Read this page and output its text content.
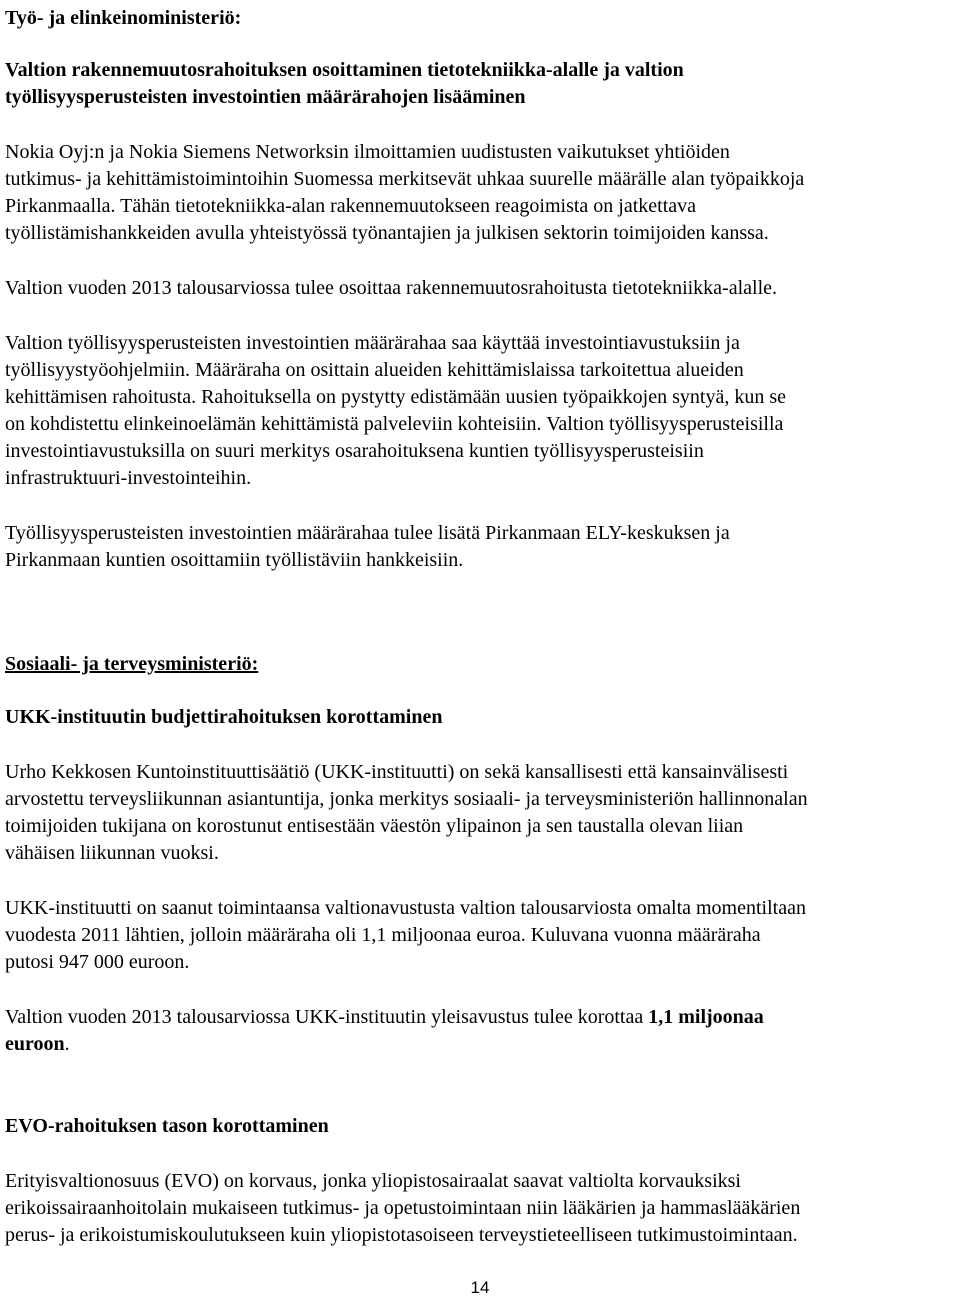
Työ- ja elinkeinoministeriö:
Valtion rakennemuutosrahoituksen osoittaminen tietotekniikka-alalle ja valtion
työllisyysperusteisten investointien määrärahojen lisääminen
Nokia Oyj:n ja Nokia Siemens Networksin ilmoittamien uudistusten vaikutukset yhtiöiden
tutkimus- ja kehittämistoimintoihin Suomessa merkitsevät uhkaa suurelle määrälle alan työpaikkoja
Pirkanmaalla. Tähän tietotekniikka-alan rakennemuutokseen reagoimista on jatkettava
työllistämishankkeiden avulla yhteistyössä työnantajien ja julkisen sektorin toimijoiden kanssa.
Valtion vuoden 2013 talousarviossa tulee osoittaa rakennemuutosrahoitusta tietotekniikka-alalle.
Valtion työllisyysperusteisten investointien määrärahaa saa käyttää investointiavustuksiin ja
työllisyystyöohjelmiin. Määräraha on osittain alueiden kehittämislaissa tarkoitettua alueiden
kehittämisen rahoitusta. Rahoituksella on pystytty edistämään uusien työpaikkojen syntyä, kun se
on kohdistettu elinkeinoelämän kehittämistä palveleviin kohteisiin. Valtion työllisyysperusteisilla
investointiavustuksilla on suuri merkitys osarahoituksena kuntien työllisyysperusteisiin
infrastruktuuri-investointeihin.
Työllisyysperusteisten investointien määrärahaa tulee lisätä Pirkanmaan ELY-keskuksen ja
Pirkanmaan kuntien osoittamiin työllistäviin hankkeisiin.
Sosiaali- ja terveysministeriö:
UKK-instituutin budjettirahoituksen korottaminen
Urho Kekkosen Kuntoinstituuttisäätiö (UKK-instituutti) on sekä kansallisesti että kansainvälisesti
arvostettu terveysliikunnan asiantuntija, jonka merkitys sosiaali- ja terveysministeriön hallinnonalan
toimijoiden tukijana on korostunut entisestään väestön ylipainon ja sen taustalla olevan liian
vähäisen liikunnan vuoksi.
UKK-instituutti on saanut toimintaansa valtionavustusta valtion talousarviosta omalta momentiltaan
vuodesta 2011 lähtien, jolloin määräraha oli 1,1 miljoonaa euroa. Kuluvana vuonna määräraha
putosi 947 000 euroon.
Valtion vuoden 2013 talousarviossa UKK-instituutin yleisavustus tulee korottaa 1,1 miljoonaa
euroon.
EVO-rahoituksen tason korottaminen
Erityisvaltionosuus (EVO) on korvaus, jonka yliopistosairaalat saavat valtiolta korvauksiksi
erikoissairaanhoitolain mukaiseen tutkimus- ja opetustoimintaan niin lääkärien ja hammaslääkärien
perus- ja erikoistumiskoulutukseen kuin yliopistotasoiseen terveystieteelliseen tutkimustoimintaan.
14
